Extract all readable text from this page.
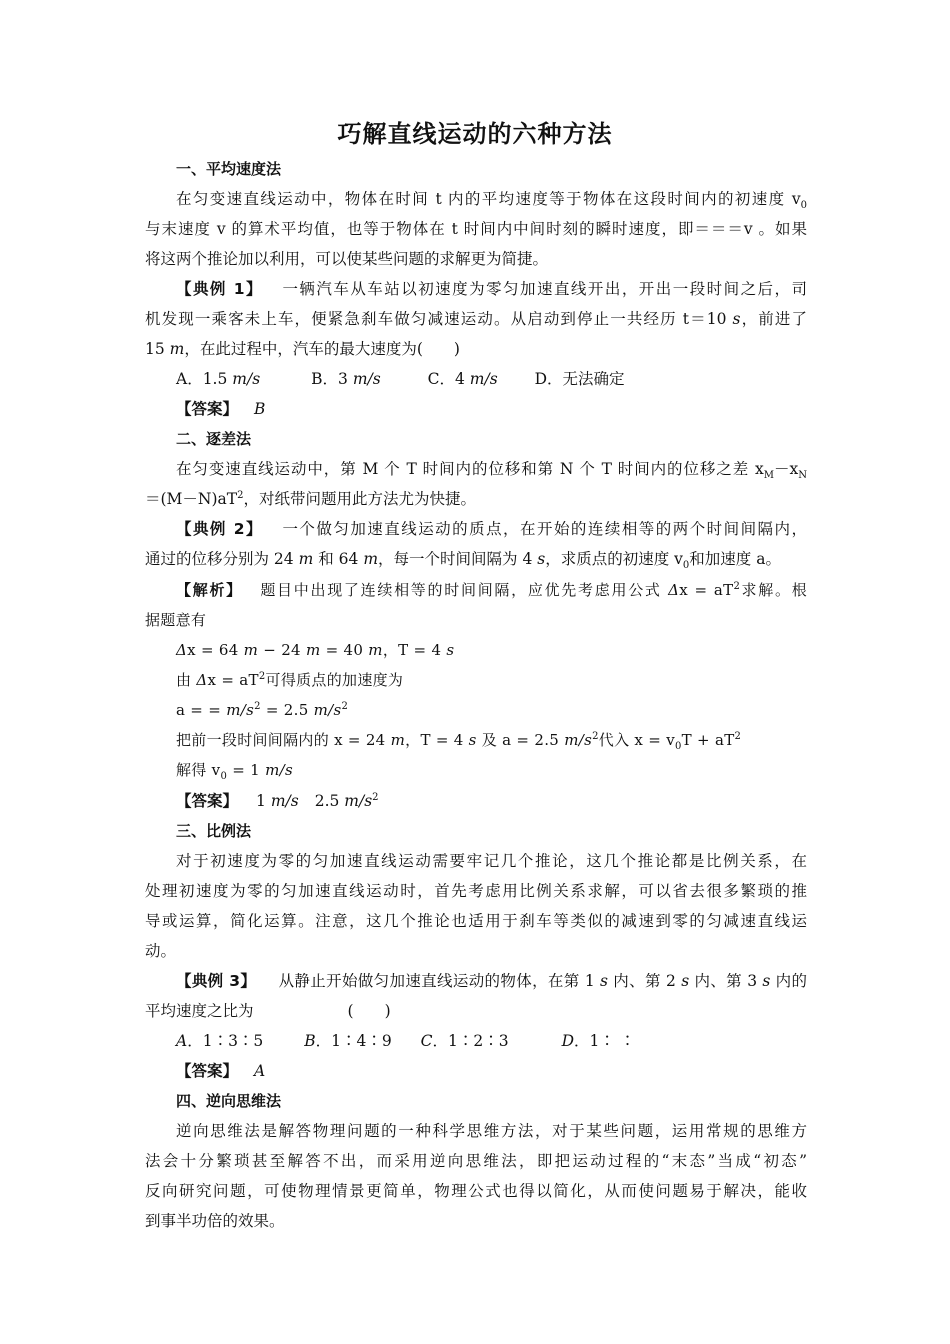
巧解直线运动的六种方法
一、平均速度法
在匀变速直线运动中，物体在时间 t 内的平均速度等于物体在这段时间内的初速度 $v_0$
与末速度 v 的算术平均值，也等于物体在 t 时间内中间时刻的瞬时速度，即＝＝＝v 。如果
将这两个推论加以利用，可以使某些问题的求解更为简捷。
【典例 1】 一辆汽车从车站以初速度为零匀加速直线开出，开出一段时间之后，司
机发现一乘客未上车，便紧急刹车做匀减速运动。从启动到停止一共经历 t＝10 s，前进了
15 m，在此过程中，汽车的最大速度为(　　)
A．1.5 m/s	B．3 m/s	C．4 m/s D．无法确定
【答案】 B
二、逐差法
在匀变速直线运动中，第 M 个 T 时间内的位移和第 N 个 T 时间内的位移之差 $x_M-x_N$
$=(M-N)aT^2$，对纸带问题用此方法尤为快捷。
【典例 2】 一个做匀加速直线运动的质点，在开始的连续相等的两个时间间隔内，
通过的位移分别为 24 m 和 64 m，每一个时间间隔为 4 s，求质点的初速度 $v_0$和加速度 a。
【解析】 题目中出现了连续相等的时间间隔，应优先考虑用公式 $\Delta x = aT^2$求解。根
据题意有
Δx = 64 m − 24 m = 40 m，T = 4 s
由 $\Delta x = aT^2$可得质点的加速度为
a = = $m/s^2 = 2.5$ $m/s^2$
把前一段时间间隔内的 x = 24 m，T = 4 s 及 a = 2.5 $m/s^2$代入 $x = v_0T + aT^2$
解得 $v_0 = 1$ m/s
【答案】 1 m/s 2.5 $m/s^2$
三、比例法
对于初速度为零的匀加速直线运动需要牢记几个推论，这几个推论都是比例关系，在
处理初速度为零的匀加速直线运动时，首先考虑用比例关系求解，可以省去很多繁琐的推
导或运算，简化运算。注意，这几个推论也适用于刹车等类似的减速到零的匀减速直线运
动。
【典例 3】 从静止开始做匀加速直线运动的物体，在第 1 s 内、第 2 s 内、第 3 s 内的
平均速度之比为	(　　)
A．1∶3∶5	B．1∶4∶9 C．1∶2∶3	D．1∶ ∶
【答案】 A
四、逆向思维法
逆向思维法是解答物理问题的一种科学思维方法，对于某些问题，运用常规的思维方
法会十分繁琐甚至解答不出，而采用逆向思维法，即把运动过程的“末态”当成“初态”
反向研究问题，可使物理情景更简单，物理公式也得以简化，从而使问题易于解决，能收
到事半功倍的效果。
